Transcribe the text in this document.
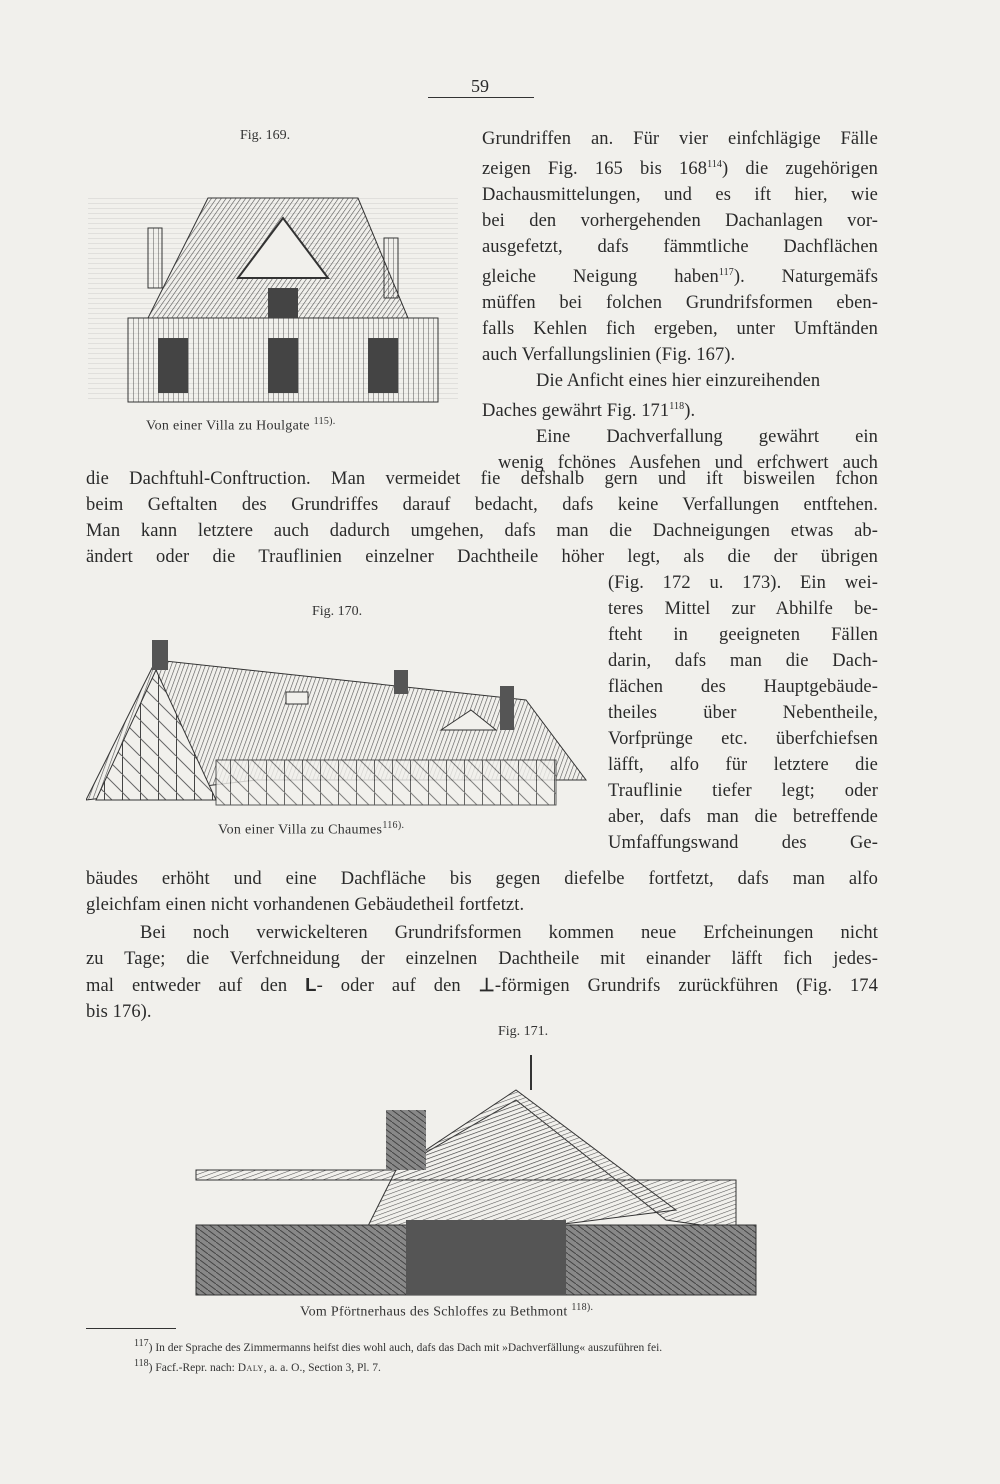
59
Fig. 169.
Von einer Villa zu Houlgate $^{115).}$
Grundriffen an. Für vier einfchlägige Fälle
zeigen Fig. 165 bis $168^{114}$) die zugehörigen
Dachausmittelungen, und es ift hier, wie
bei den vorhergehenden Dachanlagen vor-
ausgefetzt, dafs fämmtliche Dachflächen
gleiche Neigung haben$^{117}$). Naturgemäfs
müffen bei folchen Grundrifsformen eben-
falls Kehlen fich ergeben, unter Umftänden
auch Verfallungslinien (Fig. 167).
Die Anficht eines hier einzureihenden
Daches gewährt Fig. $171^{118}$).
Eine Dachverfallung gewährt ein
wenig fchönes Ausfehen und erfchwert auch
die Dachftuhl-Conftruction. Man vermeidet fie defshalb gern und ift bisweilen fchon
beim Geftalten des Grundriffes darauf bedacht, dafs keine Verfallungen entftehen.
Man kann letztere auch dadurch umgehen, dafs man die Dachneigungen etwas ab-
ändert oder die Trauflinien einzelner Dachtheile höher legt, als die der übrigen
Fig. 170.
Von einer Villa zu Chaumes$^{116).}$
(Fig. 172 u. 173). Ein wei-
teres Mittel zur Abhilfe be-
fteht in geeigneten Fällen
darin, dafs man die Dach-
flächen des Hauptgebäude-
theiles über Nebentheile,
Vorfprünge etc. überfchiefsen
läfft, alfo für letztere die
Trauflinie tiefer legt; oder
aber, dafs man die betreffende
Umfaffungswand des Ge-
bäudes erhöht und eine Dachfläche bis gegen diefelbe fortfetzt, dafs man alfo
gleichfam einen nicht vorhandenen Gebäudetheil fortfetzt.
Bei noch verwickelteren Grundrifsformen kommen neue Erfcheinungen nicht
zu Tage; die Verfchneidung der einzelnen Dachtheile mit einander läfft fich jedes-
mal entweder auf den L- oder auf den ⊥-förmigen Grundrifs zurückführen (Fig. 174
bis 176).
Fig. 171.
Vom Pförtnerhaus des Schloffes zu Bethmont $^{118).}$
$^{117}$) In der Sprache des Zimmermanns heifst dies wohl auch, dafs das Dach mit »Dachverfällung« auszuführen fei.
$^{118}$) Facf.-Repr. nach: Daly, a. a. O., Section 3, Pl. 7.
